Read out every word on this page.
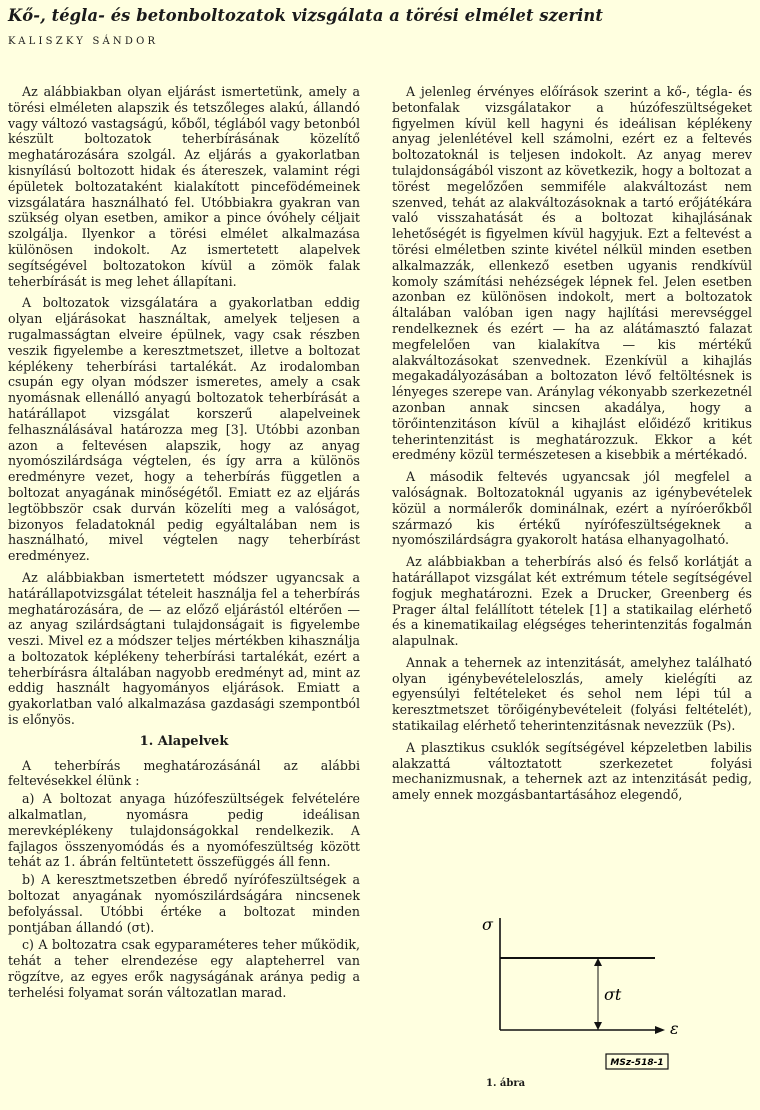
Kő-, tégla- és betonboltozatok vizsgálata a törési elmélet szerint
KALISZKY SÁNDOR

Az alábbiakban olyan eljárást ismertetünk, amely a törési elméleten alapszik és tetszőleges alakú, állandó vagy változó vastagságú, kőből, téglából vagy betonból készült boltozatok teherbírásának közelítő meghatározására szolgál. Az eljárás a gyakorlatban kisnyílású boltozott hidak és átereszek, valamint régi épületek boltozataként kialakított pincefödémeinek vizsgálatára használható fel. Utóbbiakra gyakran van szükség olyan esetben, amikor a pince óvóhely céljait szolgálja. Ilyenkor a törési elmélet alkalmazása különösen indokolt. Az ismertetett alapelvek segítségével boltozatokon kívül a zömök falak teherbírását is meg lehet állapítani.

A boltozatok vizsgálatára a gyakorlatban eddig olyan eljárásokat használtak, amelyek teljesen a rugalmasságtan elveire épülnek, vagy csak részben veszik figyelembe a keresztmetszet, illetve a boltozat képlékeny teherbírási tartalékát. Az irodalomban csupán egy olyan módszer ismeretes, amely a csak nyomásnak ellenálló anyagú boltozatok teherbírását a határállapot vizsgálat korszerű alapelveinek felhasználásával határozza meg [3]. Utóbbi azonban azon a feltevésen alapszik, hogy az anyag nyomószilárdsága végtelen, és így arra a különös eredményre vezet, hogy a teherbírás független a boltozat anyagának minőségétől. Emiatt ez az eljárás legtöbbször csak durván közelíti meg a valóságot, bizonyos feladatoknál pedig egyáltalában nem is használható, mivel végtelen nagy teherbírást eredményez.

Az alábbiakban ismertetett módszer ugyancsak a határállapotvizsgálat tételeit használja fel a teherbírás meghatározására, de — az előző eljárástól eltérően — az anyag szilárdságtani tulajdonságait is figyelembe veszi. Mivel ez a módszer teljes mértékben kihasználja a boltozatok képlékeny teherbírási tartalékát, ezért a teherbírásra általában nagyobb eredményt ad, mint az eddig használt hagyományos eljárások. Emiatt a gyakorlatban való alkalmazása gazdasági szempontból is előnyös.

1. Alapelvek

A teherbírás meghatározásánál az alábbi feltevésekkel élünk :

a) A boltozat anyaga húzófeszültségek felvételére alkalmatlan, nyomásra pedig ideálisan merevképlékeny tulajdonságokkal rendelkezik. A fajlagos összenyomódás és a nyomófeszültség között tehát az 1. ábrán feltüntetett összefüggés áll fenn.

b) A keresztmetszetben ébredő nyírófeszültségek a boltozat anyagának nyomószilárdságára nincsenek befolyással. Utóbbi értéke a boltozat minden pontjában állandó (σt).

c) A boltozatra csak egyparaméteres teher működik, tehát a teher elrendezése egy alapteherrel van rögzítve, az egyes erők nagyságának aránya pedig a terhelési folyamat során változatlan marad.

A jelenleg érvényes előírások szerint a kő-, tégla- és betonfalak vizsgálatakor a húzófeszültségeket figyelmen kívül kell hagyni és ideálisan képlékeny anyag jelenlétével kell számolni, ezért ez a feltevés boltozatoknál is teljesen indokolt. Az anyag merev tulajdonságából viszont az következik, hogy a boltozat a törést megelőzően semmiféle alakváltozást nem szenved, tehát az alakváltozásoknak a tartó erőjátékára való visszahatását és a boltozat kihajlásának lehetőségét is figyelmen kívül hagyjuk. Ezt a feltevést a törési elméletben szinte kivétel nélkül minden esetben alkalmazzák, ellenkező esetben ugyanis rendkívül komoly számítási nehézségek lépnek fel. Jelen esetben azonban ez különösen indokolt, mert a boltozatok általában valóban igen nagy hajlítási merevséggel rendelkeznek és ezért — ha az alátámasztó falazat megfelelően van kialakítva — kis mértékű alakváltozásokat szenvednek. Ezenkívül a kihajlás megakadályozásában a boltozaton lévő feltöltésnek is lényeges szerepe van. Aránylag vékonyabb szerkezetnél azonban annak sincsen akadálya, hogy a törőintenzitáson kívül a kihajlást előidéző kritikus teherintenzitást is meghatározzuk. Ekkor a két eredmény közül természetesen a kisebbik a mértékadó.

A második feltevés ugyancsak jól megfelel a valóságnak. Boltozatoknál ugyanis az igénybevételek közül a normálerők dominálnak, ezért a nyíróerőkből származó kis értékű nyírófeszültségeknek a nyomószilárdságra gyakorolt hatása elhanyagolható.

Az alábbiakban a teherbírás alsó és felső korlátját a határállapot vizsgálat két extrémum tétele segítségével fogjuk meghatározni. Ezek a Drucker, Greenberg és Prager által felállított tételek [1] a statikailag elérhető és a kinematikailag elégséges teherintenzitás fogalmán alapulnak.

Annak a tehernek az intenzitását, amelyhez található olyan igénybevételeloszlás, amely kielégíti az egyensúlyi feltételeket és sehol nem lépi túl a keresztmetszet törőigénybevételeit (folyási feltételét), statikailag elérhető teherintenzitásnak nevezzük (Ps).

A plasztikus csuklók segítségével képzeletben labilis alakzattá változtatott szerkezetet folyási mechanizmusnak, a tehernek azt az intenzitását pedig, amely ennek mozgásbantartásához elegendő,

σ
ε
σt
MSz-518-1
1. ábra
